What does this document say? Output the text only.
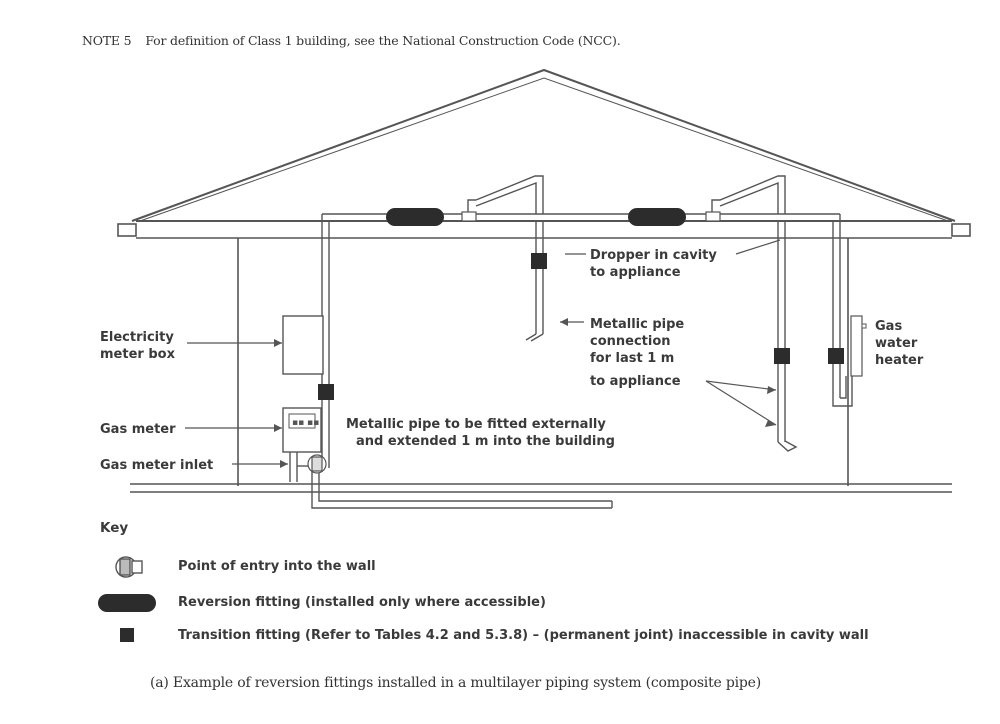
NOTE 5 For definition of Class 1 building, see the National Construction Code (NCC).
▪▪ ▪▪
Electricity
meter box
Gas meter
Gas meter inlet
Metallic pipe to be fitted externally
and extended 1 m into the building
Dropper in cavity
to appliance
Metallic pipe
connection
for last 1 m
to appliance
Gas
water
heater
Key
Point of entry into the wall
Reversion fitting (installed only where accessible)
Transition fitting (Refer to Tables 4.2 and 5.3.8) – (permanent joint) inaccessible in cavity wall
(a) Example of reversion fittings installed in a multilayer piping system (composite pipe)
